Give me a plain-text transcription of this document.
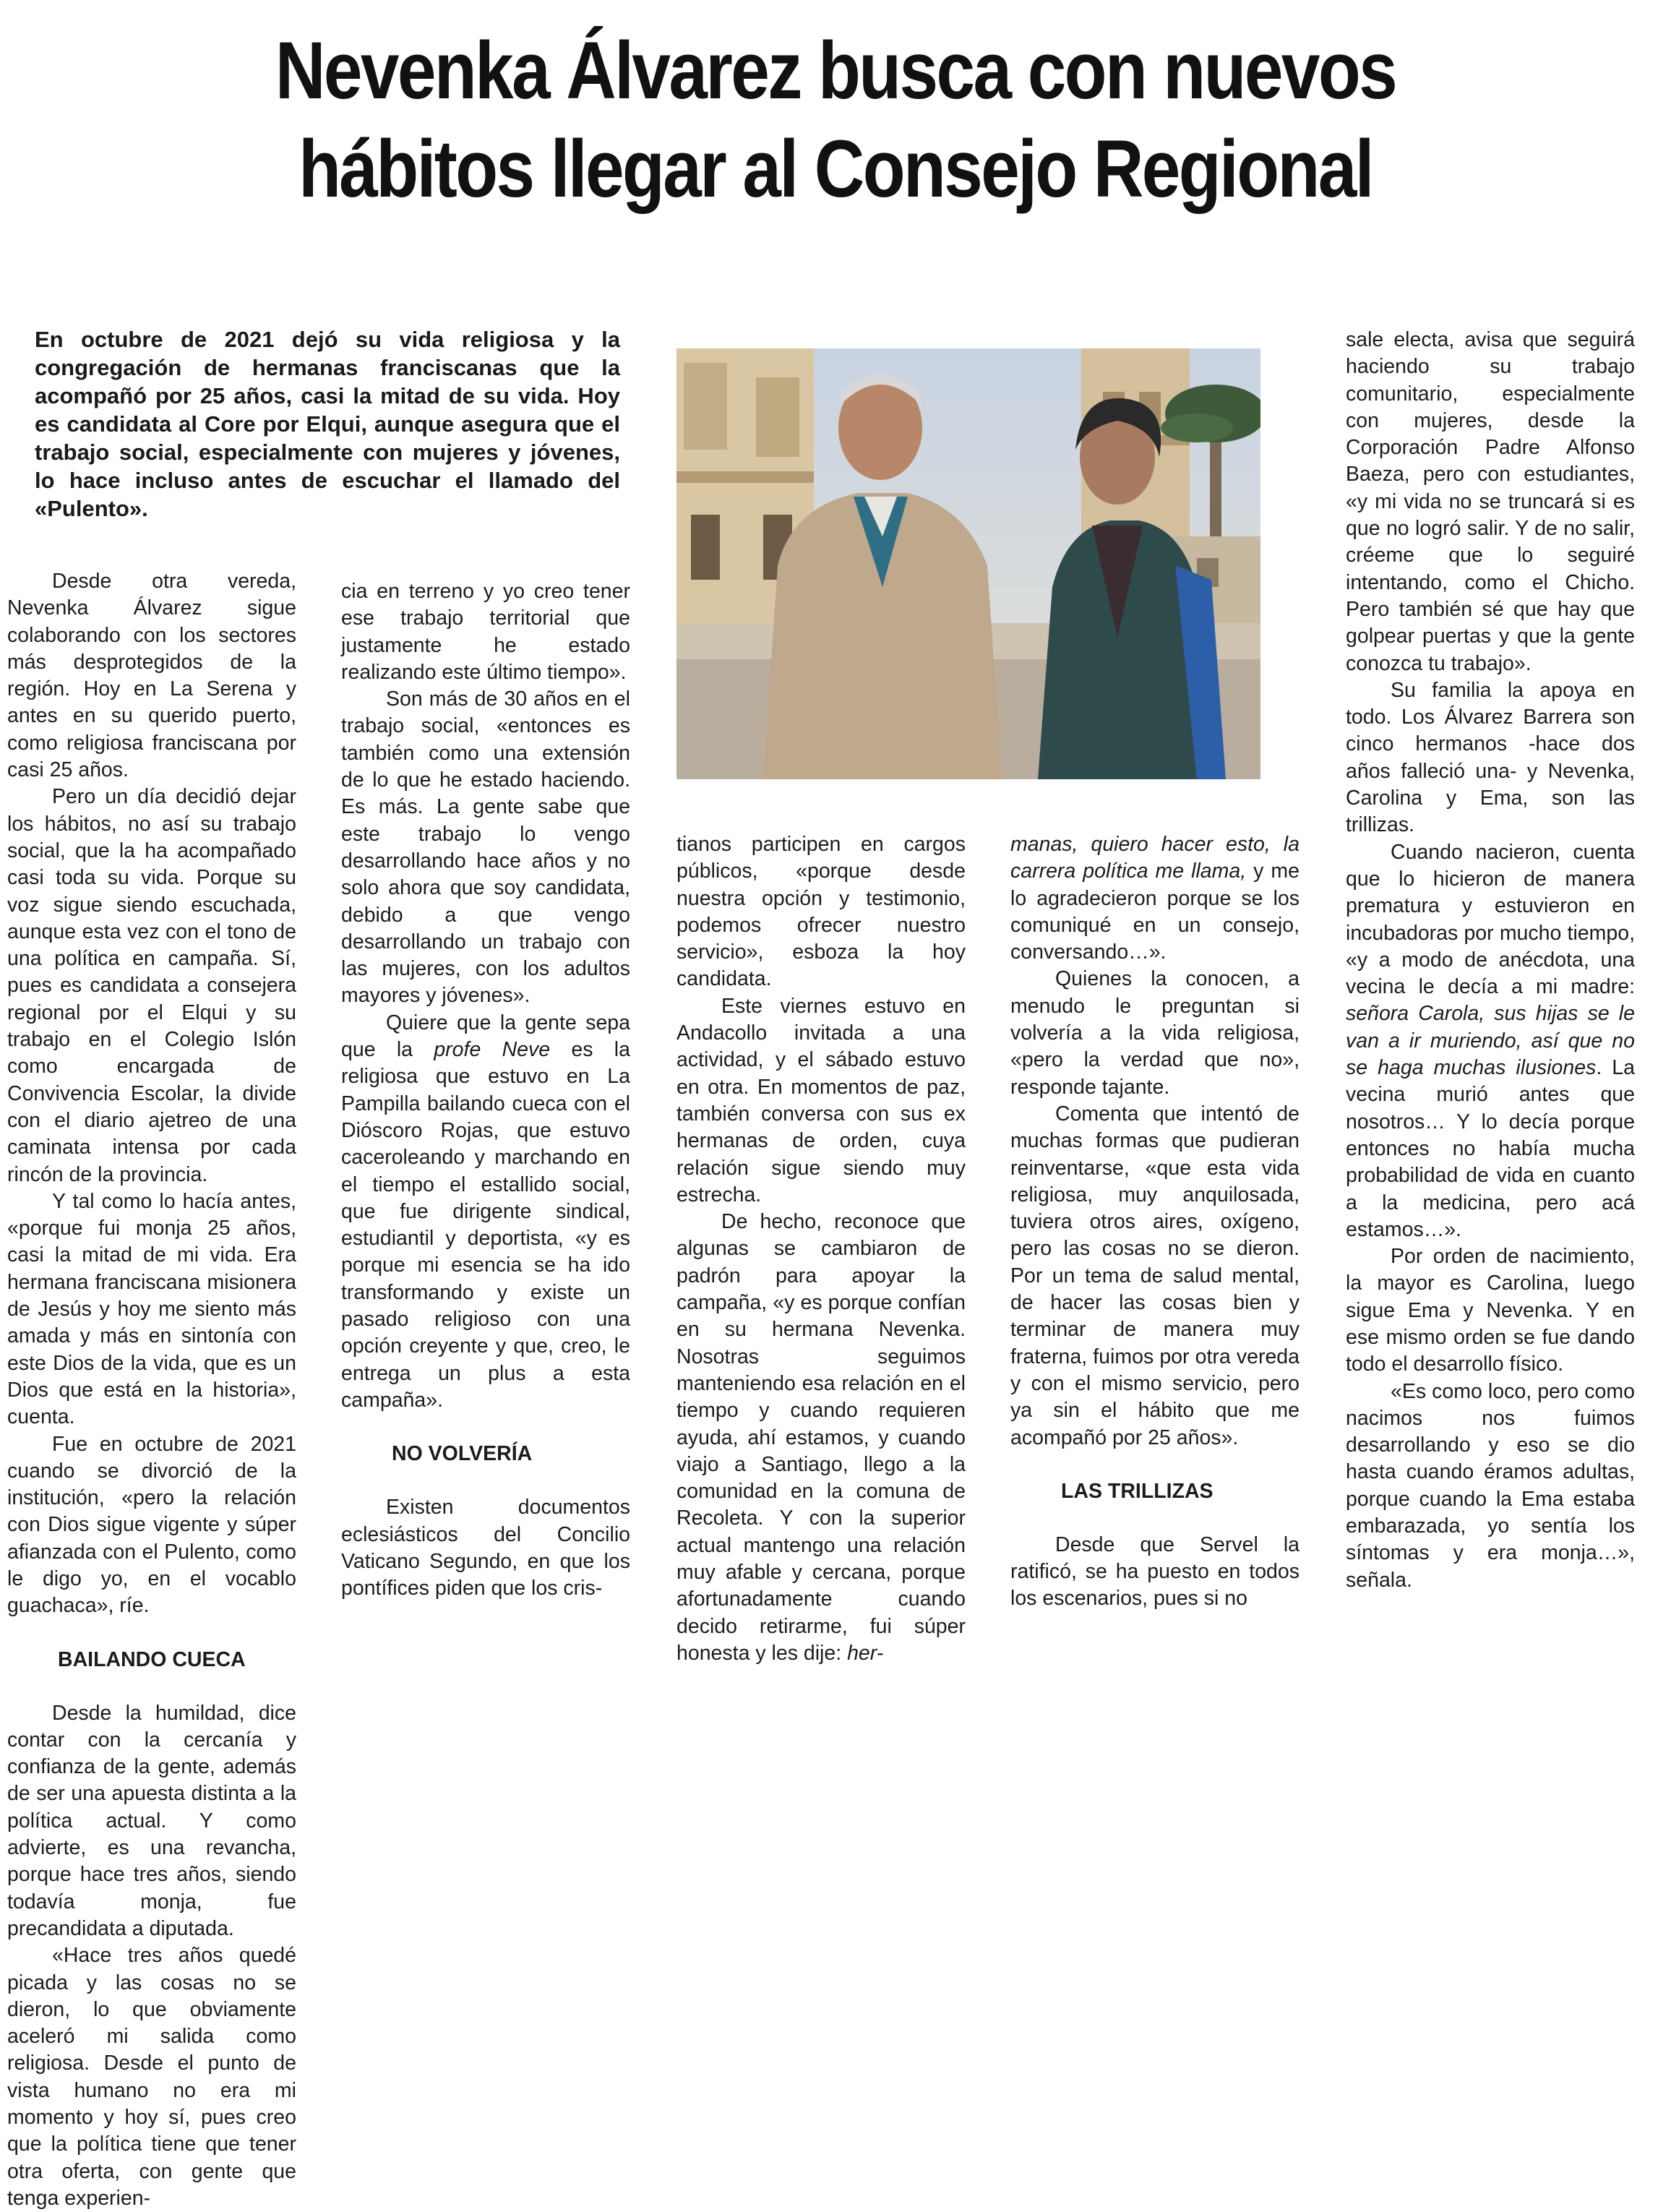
Nevenka Álvarez busca con nuevos
hábitos llegar al Consejo Regional

En octubre de 2021 dejó su vida religiosa y la congregación de hermanas franciscanas que la acompañó por 25 años, casi la mitad de su vida. Hoy es candidata al Core por Elqui, aunque asegura que el trabajo social, especialmente con mujeres y jóvenes, lo hace incluso antes de escuchar el llamado del «Pulento».

Desde otra vereda, Nevenka Álvarez sigue colaborando con los sectores más desprotegidos de la región. Hoy en La Serena y antes en su querido puerto, como religiosa franciscana por casi 25 años.

Pero un día decidió dejar los hábitos, no así su trabajo social, que la ha acompañado casi toda su vida. Porque su voz sigue siendo escuchada, aunque esta vez con el tono de una política en campaña. Sí, pues es candidata a consejera regional por el Elqui y su trabajo en el Colegio Islón como encargada de Convivencia Escolar, la divide con el diario ajetreo de una caminata intensa por cada rincón de la provincia.

Y tal como lo hacía antes, «porque fui monja 25 años, casi la mitad de mi vida. Era hermana franciscana misionera de Jesús y hoy me siento más amada y más en sintonía con este Dios de la vida, que es un Dios que está en la historia», cuenta.

Fue en octubre de 2021 cuando se divorció de la institución, «pero la relación con Dios sigue vigente y súper afianzada con el Pulento, como le digo yo, en el vocablo guachaca», ríe.

BAILANDO CUECA

Desde la humildad, dice contar con la cercanía y confianza de la gente, además de ser una apuesta distinta a la política actual. Y como advierte, es una revancha, porque hace tres años, siendo todavía monja, fue precandidata a diputada.

«Hace tres años quedé picada y las cosas no se dieron, lo que obviamente aceleró mi salida como religiosa. Desde el punto de vista humano no era mi momento y hoy sí, pues creo que la política tiene que tener otra oferta, con gente que tenga experien-

cia en terreno y yo creo tener ese trabajo territorial que justamente he estado realizando este último tiempo».

Son más de 30 años en el trabajo social, «entonces es también como una extensión de lo que he estado haciendo. Es más. La gente sabe que este trabajo lo vengo desarrollando hace años y no solo ahora que soy candidata, debido a que vengo desarrollando un trabajo con las mujeres, con los adultos mayores y jóvenes».

Quiere que la gente sepa que la profe Neve es la religiosa que estuvo en La Pampilla bailando cueca con el Dióscoro Rojas, que estuvo caceroleando y marchando en el tiempo el estallido social, que fue dirigente sindical, estudiantil y deportista, «y es porque mi esencia se ha ido transformando y existe un pasado religioso con una opción creyente y que, creo, le entrega un plus a esta campaña».

NO VOLVERÍA

Existen documentos eclesiásticos del Concilio Vaticano Segundo, en que los pontífices piden que los cris-

tianos participen en cargos públicos, «porque desde nuestra opción y testimonio, podemos ofrecer nuestro servicio», esboza la hoy candidata.

Este viernes estuvo en Andacollo invitada a una actividad, y el sábado estuvo en otra. En momentos de paz, también conversa con sus ex hermanas de orden, cuya relación sigue siendo muy estrecha.

De hecho, reconoce que algunas se cambiaron de padrón para apoyar la campaña, «y es porque confían en su hermana Nevenka. Nosotras seguimos manteniendo esa relación en el tiempo y cuando requieren ayuda, ahí estamos, y cuando viajo a Santiago, llego a la comunidad en la comuna de Recoleta. Y con la superior actual mantengo una relación muy afable y cercana, porque afortunadamente cuando decido retirarme, fui súper honesta y les dije: her-

manas, quiero hacer esto, la carrera política me llama, y me lo agradecieron porque se los comuniqué en un consejo, conversando…».

Quienes la conocen, a menudo le preguntan si volvería a la vida religiosa, «pero la verdad que no», responde tajante.

Comenta que intentó de muchas formas que pudieran reinventarse, «que esta vida religiosa, muy anquilosada, tuviera otros aires, oxígeno, pero las cosas no se dieron. Por un tema de salud mental, de hacer las cosas bien y terminar de manera muy fraterna, fuimos por otra vereda y con el mismo servicio, pero ya sin el hábito que me acompañó por 25 años».

LAS TRILLIZAS

Desde que Servel la ratificó, se ha puesto en todos los escenarios, pues si no

sale electa, avisa que seguirá haciendo su trabajo comunitario, especialmente con mujeres, desde la Corporación Padre Alfonso Baeza, pero con estudiantes, «y mi vida no se truncará si es que no logró salir. Y de no salir, créeme que lo seguiré intentando, como el Chicho. Pero también sé que hay que golpear puertas y que la gente conozca tu trabajo».

Su familia la apoya en todo. Los Álvarez Barrera son cinco hermanos -hace dos años falleció una- y Nevenka, Carolina y Ema, son las trillizas.

Cuando nacieron, cuenta que lo hicieron de manera prematura y estuvieron en incubadoras por mucho tiempo, «y a modo de anécdota, una vecina le decía a mi madre: señora Carola, sus hijas se le van a ir muriendo, así que no se haga muchas ilusiones. La vecina murió antes que nosotros… Y lo decía porque entonces no había mucha probabilidad de vida en cuanto a la medicina, pero acá estamos…».

Por orden de nacimiento, la mayor es Carolina, luego sigue Ema y Nevenka. Y en ese mismo orden se fue dando todo el desarrollo físico.

«Es como loco, pero como nacimos nos fuimos desarrollando y eso se dio hasta cuando éramos adultas, porque cuando la Ema estaba embarazada, yo sentía los síntomas y era monja…», señala.
